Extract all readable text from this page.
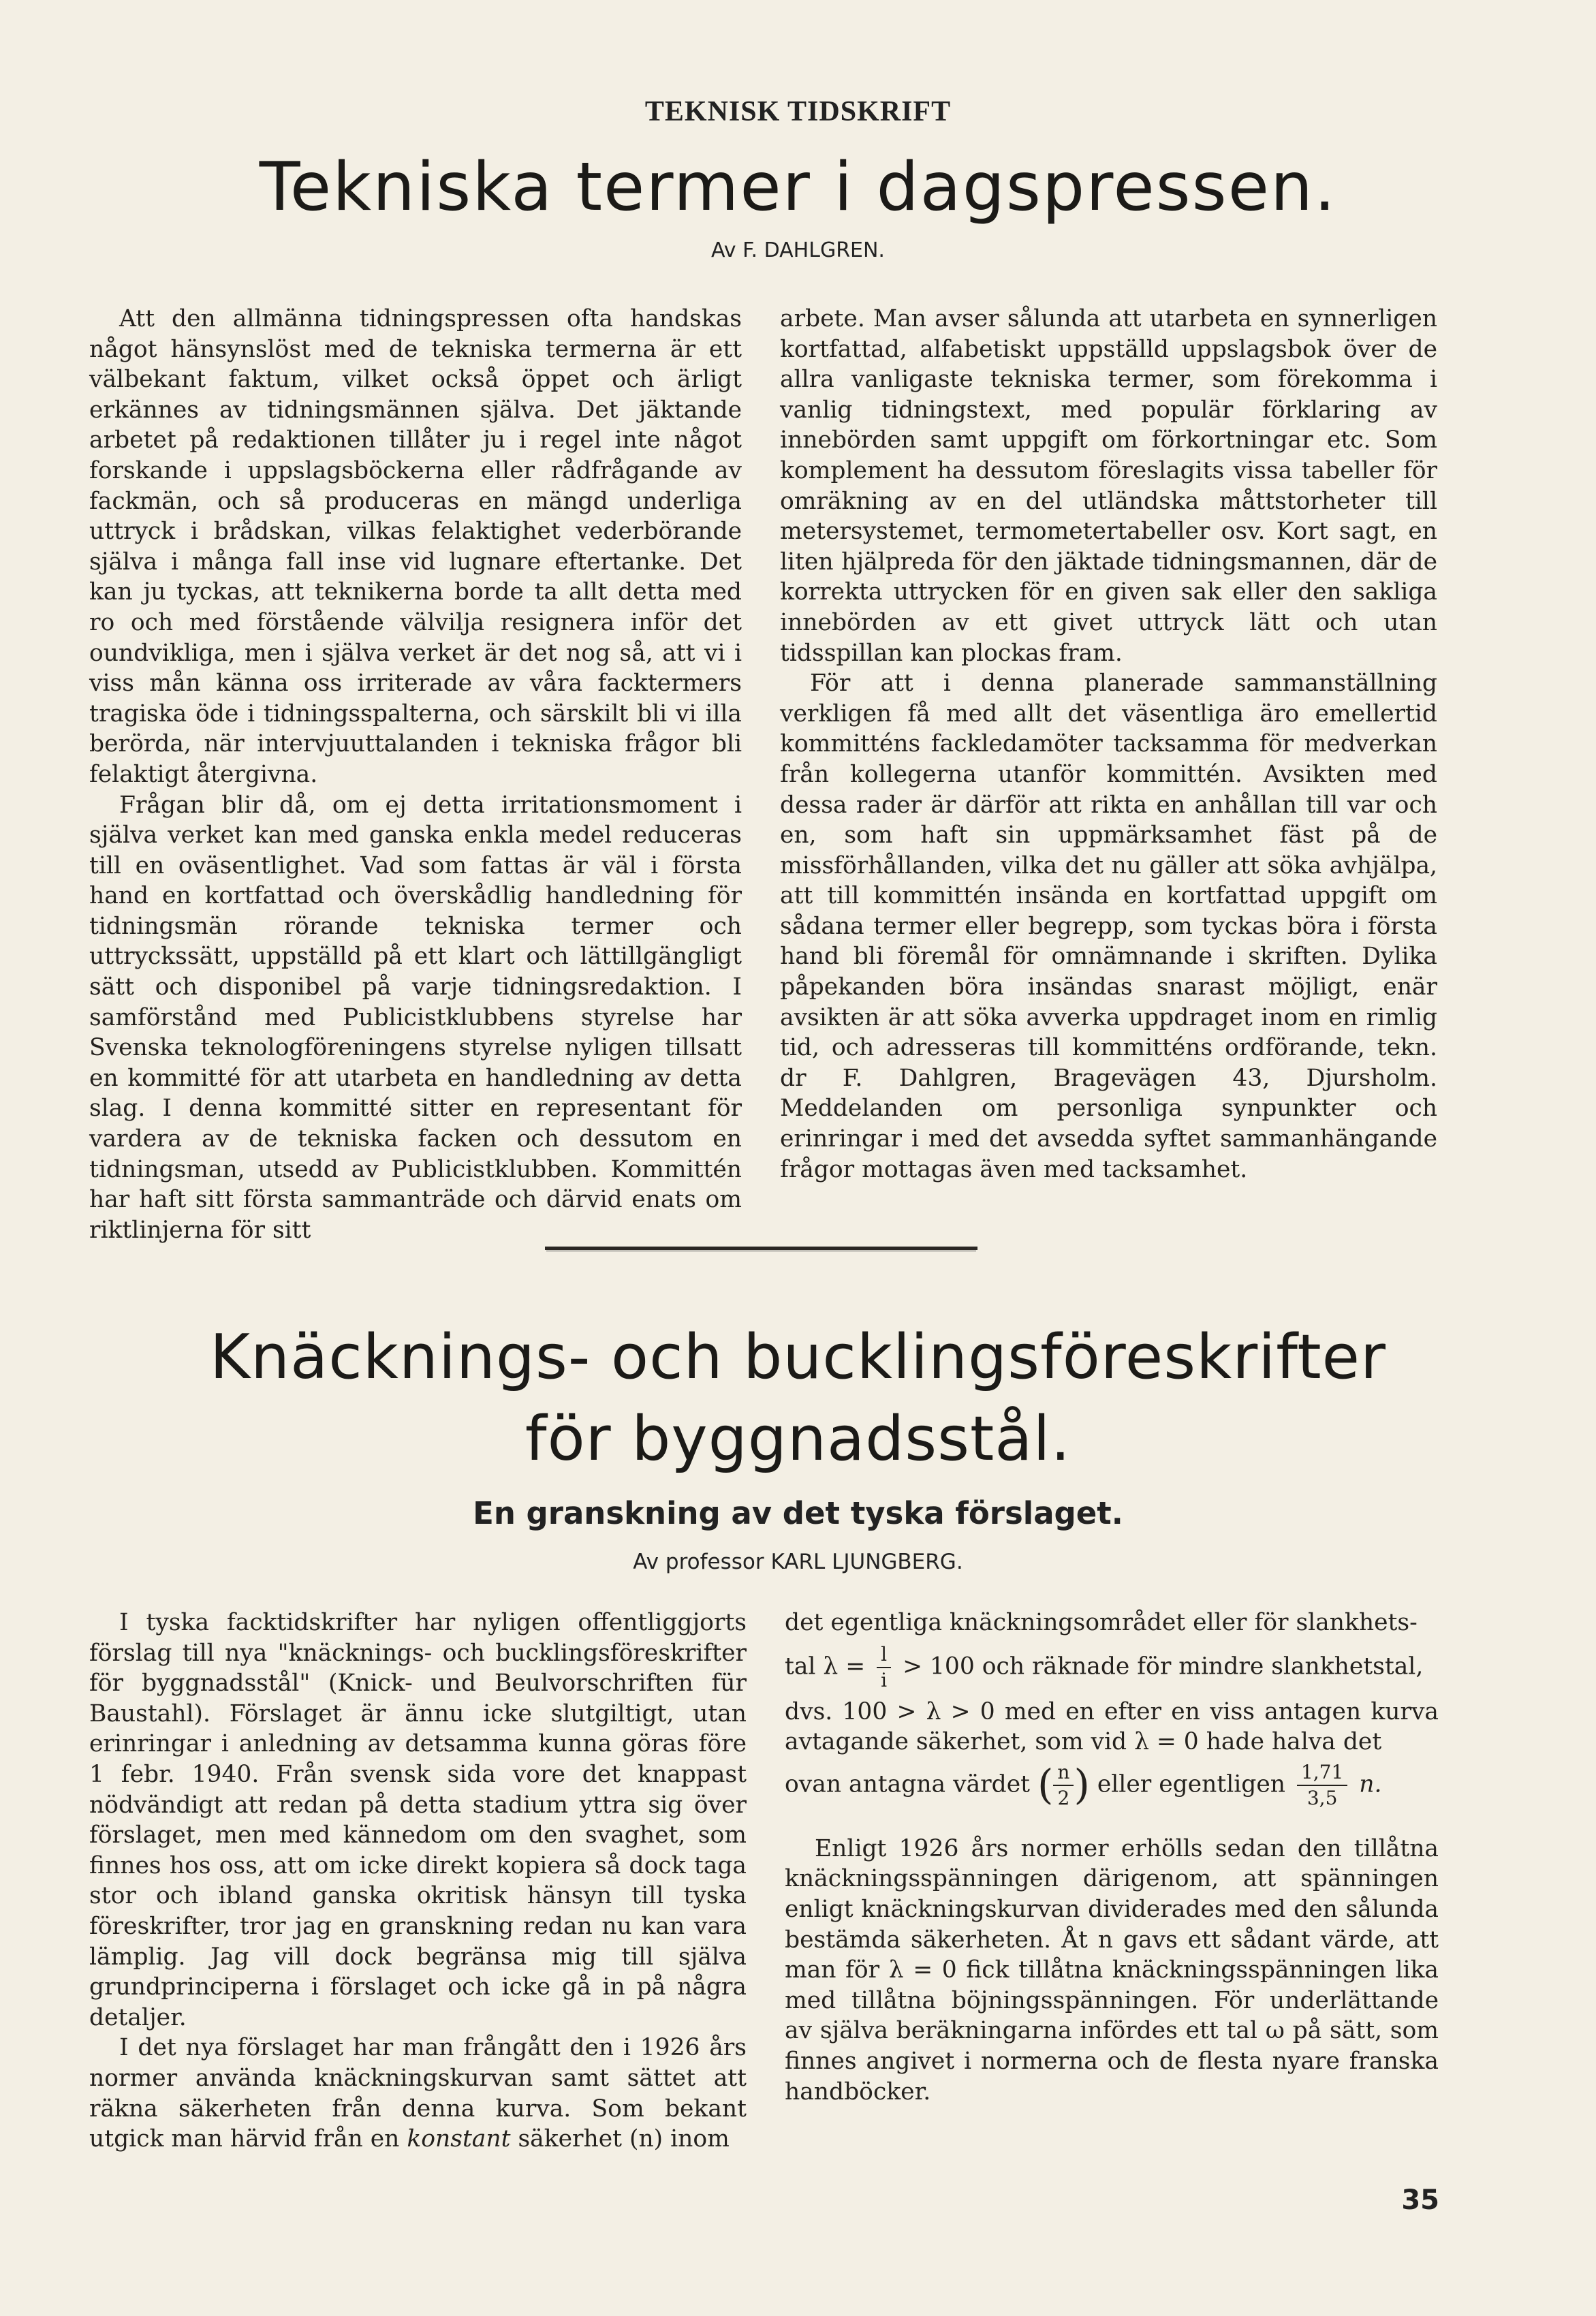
TEKNISK TIDSKRIFT
Tekniska termer i dagspressen.
Av F. DAHLGREN.

Att den allmänna tidningspressen ofta handskas något hänsynslöst med de tekniska termerna är ett välbekant faktum, vilket också öppet och ärligt erkännes av tidningsmännen själva. Det jäktande arbetet på redaktionen tillåter ju i regel inte något forskande i uppslagsböckerna eller rådfrågande av fackmän, och så produceras en mängd underliga uttryck i brådskan, vilkas felaktighet vederbörande själva i många fall inse vid lugnare eftertanke. Det kan ju tyckas, att teknikerna borde ta allt detta med ro och med förstående välvilja resignera inför det oundvikliga, men i själva verket är det nog så, att vi i viss mån känna oss irriterade av våra facktermers tragiska öde i tidningsspalterna, och särskilt bli vi illa berörda, när intervjuuttalanden i tekniska frågor bli felaktigt återgivna.

Frågan blir då, om ej detta irritationsmoment i själva verket kan med ganska enkla medel reduceras till en oväsentlighet. Vad som fattas är väl i första hand en kortfattad och överskådlig handledning för tidningsmän rörande tekniska termer och uttryckssätt, uppställd på ett klart och lättillgängligt sätt och disponibel på varje tidningsredaktion. I samförstånd med Publicistklubbens styrelse har Svenska teknologföreningens styrelse nyligen tillsatt en kommitté för att utarbeta en handledning av detta slag. I denna kommitté sitter en representant för vardera av de tekniska facken och dessutom en tidningsman, utsedd av Publicistklubben. Kommittén har haft sitt första sammanträde och därvid enats om riktlinjerna för sitt

arbete. Man avser sålunda att utarbeta en synnerligen kortfattad, alfabetiskt uppställd uppslagsbok över de allra vanligaste tekniska termer, som förekomma i vanlig tidningstext, med populär förklaring av innebörden samt uppgift om förkortningar etc. Som komplement ha dessutom föreslagits vissa tabeller för omräkning av en del utländska måttstorheter till metersystemet, termometertabeller osv. Kort sagt, en liten hjälpreda för den jäktade tidningsmannen, där de korrekta uttrycken för en given sak eller den sakliga innebörden av ett givet uttryck lätt och utan tidsspillan kan plockas fram.

För att i denna planerade sammanställning verkligen få med allt det väsentliga äro emellertid kommitténs fackledamöter tacksamma för medverkan från kollegerna utanför kommittén. Avsikten med dessa rader är därför att rikta en anhållan till var och en, som haft sin uppmärksamhet fäst på de missförhållanden, vilka det nu gäller att söka avhjälpa, att till kommittén insända en kortfattad uppgift om sådana termer eller begrepp, som tyckas böra i första hand bli föremål för omnämnande i skriften. Dylika påpekanden böra insändas snarast möjligt, enär avsikten är att söka avverka uppdraget inom en rimlig tid, och adresseras till kommitténs ordförande, tekn. dr F. Dahlgren, Bragevägen 43, Djursholm. Meddelanden om personliga synpunkter och erinringar i med det avsedda syftet sammanhängande frågor mottagas även med tacksamhet.

Knäcknings- och bucklingsföreskrifter
för byggnadsstål.
En granskning av det tyska förslaget.
Av professor KARL LJUNGBERG.

I tyska facktidskrifter har nyligen offentliggjorts förslag till nya "knäcknings- och bucklingsföreskrifter för byggnadsstål" (Knick- und Beulvorschriften für Baustahl). Förslaget är ännu icke slutgiltigt, utan erinringar i anledning av detsamma kunna göras före 1 febr. 1940. Från svensk sida vore det knappast nödvändigt att redan på detta stadium yttra sig över förslaget, men med kännedom om den svaghet, som finnes hos oss, att om icke direkt kopiera så dock taga stor och ibland ganska okritisk hänsyn till tyska föreskrifter, tror jag en granskning redan nu kan vara lämplig. Jag vill dock begränsa mig till själva grundprinciperna i förslaget och icke gå in på några detaljer.

I det nya förslaget har man frångått den i 1926 års normer använda knäckningskurvan samt sättet att räkna säkerheten från denna kurva. Som bekant utgick man härvid från en konstant säkerhet (n) inom

det egentliga knäckningsområdet eller för slankhets-

tal $\lambda = \frac{l}{i} > 100$ och räknade för mindre slankhetstal,

dvs. 100 > λ > 0 med en efter en viss antagen kurva avtagande säkerhet, som vid λ = 0 hade halva det

ovan antagna värdet ( $\frac{n}{2}$ ) eller egentligen $\frac{1,71}{3,5} n$.

Enligt 1926 års normer erhölls sedan den tillåtna knäckningsspänningen därigenom, att spänningen enligt knäckningskurvan dividerades med den sålunda bestämda säkerheten. Åt n gavs ett sådant värde, att man för λ = 0 fick tillåtna knäckningsspänningen lika med tillåtna böjningsspänningen. För underlättande av själva beräkningarna infördes ett tal ω på sätt, som finnes angivet i normerna och de flesta nyare franska handböcker.

35
